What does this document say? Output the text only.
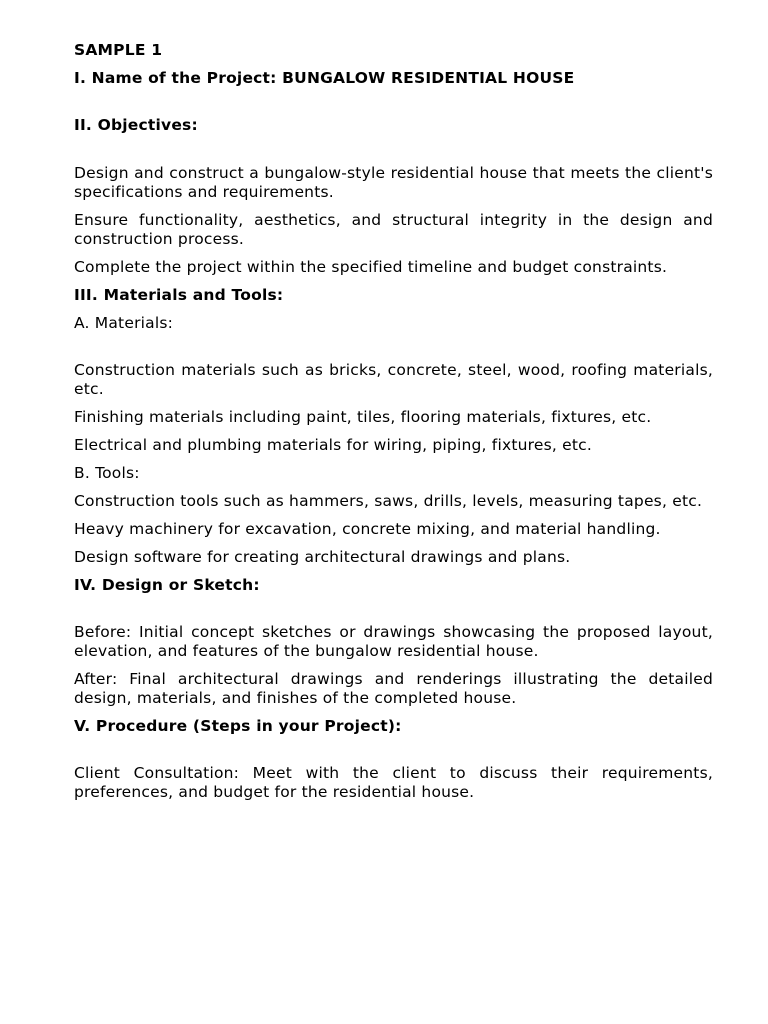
SAMPLE 1

I. Name of the Project: BUNGALOW RESIDENTIAL HOUSE

II. Objectives:

Design and construct a bungalow-style residential house that meets the client's specifications and requirements.

Ensure functionality, aesthetics, and structural integrity in the design and construction process.

Complete the project within the specified timeline and budget constraints.

III. Materials and Tools:

A. Materials:

Construction materials such as bricks, concrete, steel, wood, roofing materials, etc.

Finishing materials including paint, tiles, flooring materials, fixtures, etc.

Electrical and plumbing materials for wiring, piping, fixtures, etc.

B. Tools:

Construction tools such as hammers, saws, drills, levels, measuring tapes, etc.

Heavy machinery for excavation, concrete mixing, and material handling.

Design software for creating architectural drawings and plans.

IV. Design or Sketch:

Before: Initial concept sketches or drawings showcasing the proposed layout, elevation, and features of the bungalow residential house.

After: Final architectural drawings and renderings illustrating the detailed design, materials, and finishes of the completed house.

V. Procedure (Steps in your Project):

Client Consultation: Meet with the client to discuss their requirements, preferences, and budget for the residential house.
